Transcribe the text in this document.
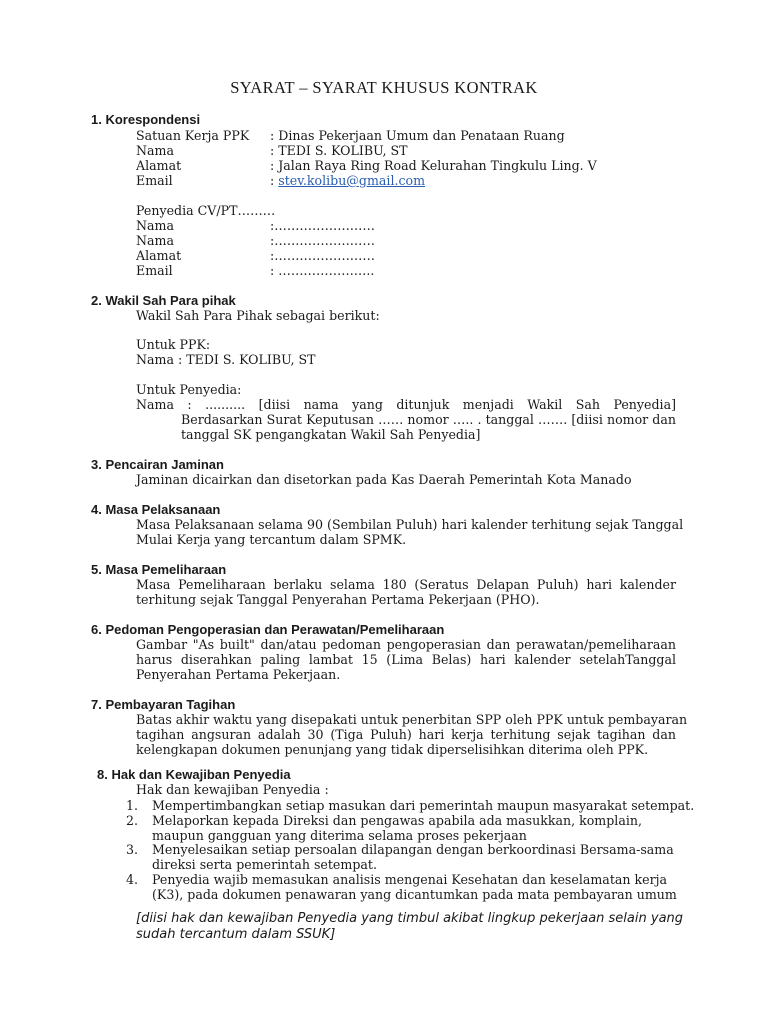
SYARAT – SYARAT KHUSUS KONTRAK
1. Korespondensi
Satuan Kerja PPK : Dinas Pekerjaan Umum dan Penataan Ruang
Nama	: TEDI S. KOLIBU, ST
Alamat	: Jalan Raya Ring Road Kelurahan Tingkulu Ling. V
Email	: stev.kolibu@gmail.com
Penyedia CV/PT………
Nama	:……………………
Nama	:……………………
Alamat	:……………………
Email	: …………………..
2. Wakil Sah Para pihak
Wakil Sah Para Pihak sebagai berikut:
Untuk PPK:
Nama : TEDI S. KOLIBU, ST
Untuk Penyedia:
Nama : .......... [diisi nama yang ditunjuk menjadi Wakil Sah Penyedia]
Berdasarkan Surat Keputusan …… nomor ….. . tanggal ……. [diisi nomor dan
tanggal SK pengangkatan Wakil Sah Penyedia]
3. Pencairan Jaminan
Jaminan dicairkan dan disetorkan pada Kas Daerah Pemerintah Kota Manado
4. Masa Pelaksanaan
Masa Pelaksanaan selama 90 (Sembilan Puluh) hari kalender terhitung sejak Tanggal
Mulai Kerja yang tercantum dalam SPMK.
5. Masa Pemeliharaan
Masa Pemeliharaan berlaku selama 180 (Seratus Delapan Puluh) hari kalender
terhitung sejak Tanggal Penyerahan Pertama Pekerjaan (PHO).
6. Pedoman Pengoperasian dan Perawatan/Pemeliharaan
Gambar "As built" dan/atau pedoman pengoperasian dan perawatan/pemeliharaan
harus diserahkan paling lambat 15 (Lima Belas) hari kalender setelahTanggal
Penyerahan Pertama Pekerjaan.
7. Pembayaran Tagihan
Batas akhir waktu yang disepakati untuk penerbitan SPP oleh PPK untuk pembayaran
tagihan angsuran adalah 30 (Tiga Puluh) hari kerja terhitung sejak tagihan dan
kelengkapan dokumen penunjang yang tidak diperselisihkan diterima oleh PPK.
8. Hak dan Kewajiban Penyedia
Hak dan kewajiban Penyedia :
1. Mempertimbangkan setiap masukan dari pemerintah maupun masyarakat setempat.
2. Melaporkan kepada Direksi dan pengawas apabila ada masukkan, komplain,
maupun gangguan yang diterima selama proses pekerjaan
3. Menyelesaikan setiap persoalan dilapangan dengan berkoordinasi Bersama-sama
direksi serta pemerintah setempat.
4. Penyedia wajib memasukan analisis mengenai Kesehatan dan keselamatan kerja
(K3), pada dokumen penawaran yang dicantumkan pada mata pembayaran umum
[diisi hak dan kewajiban Penyedia yang timbul akibat lingkup pekerjaan selain yang
sudah tercantum dalam SSUK]
